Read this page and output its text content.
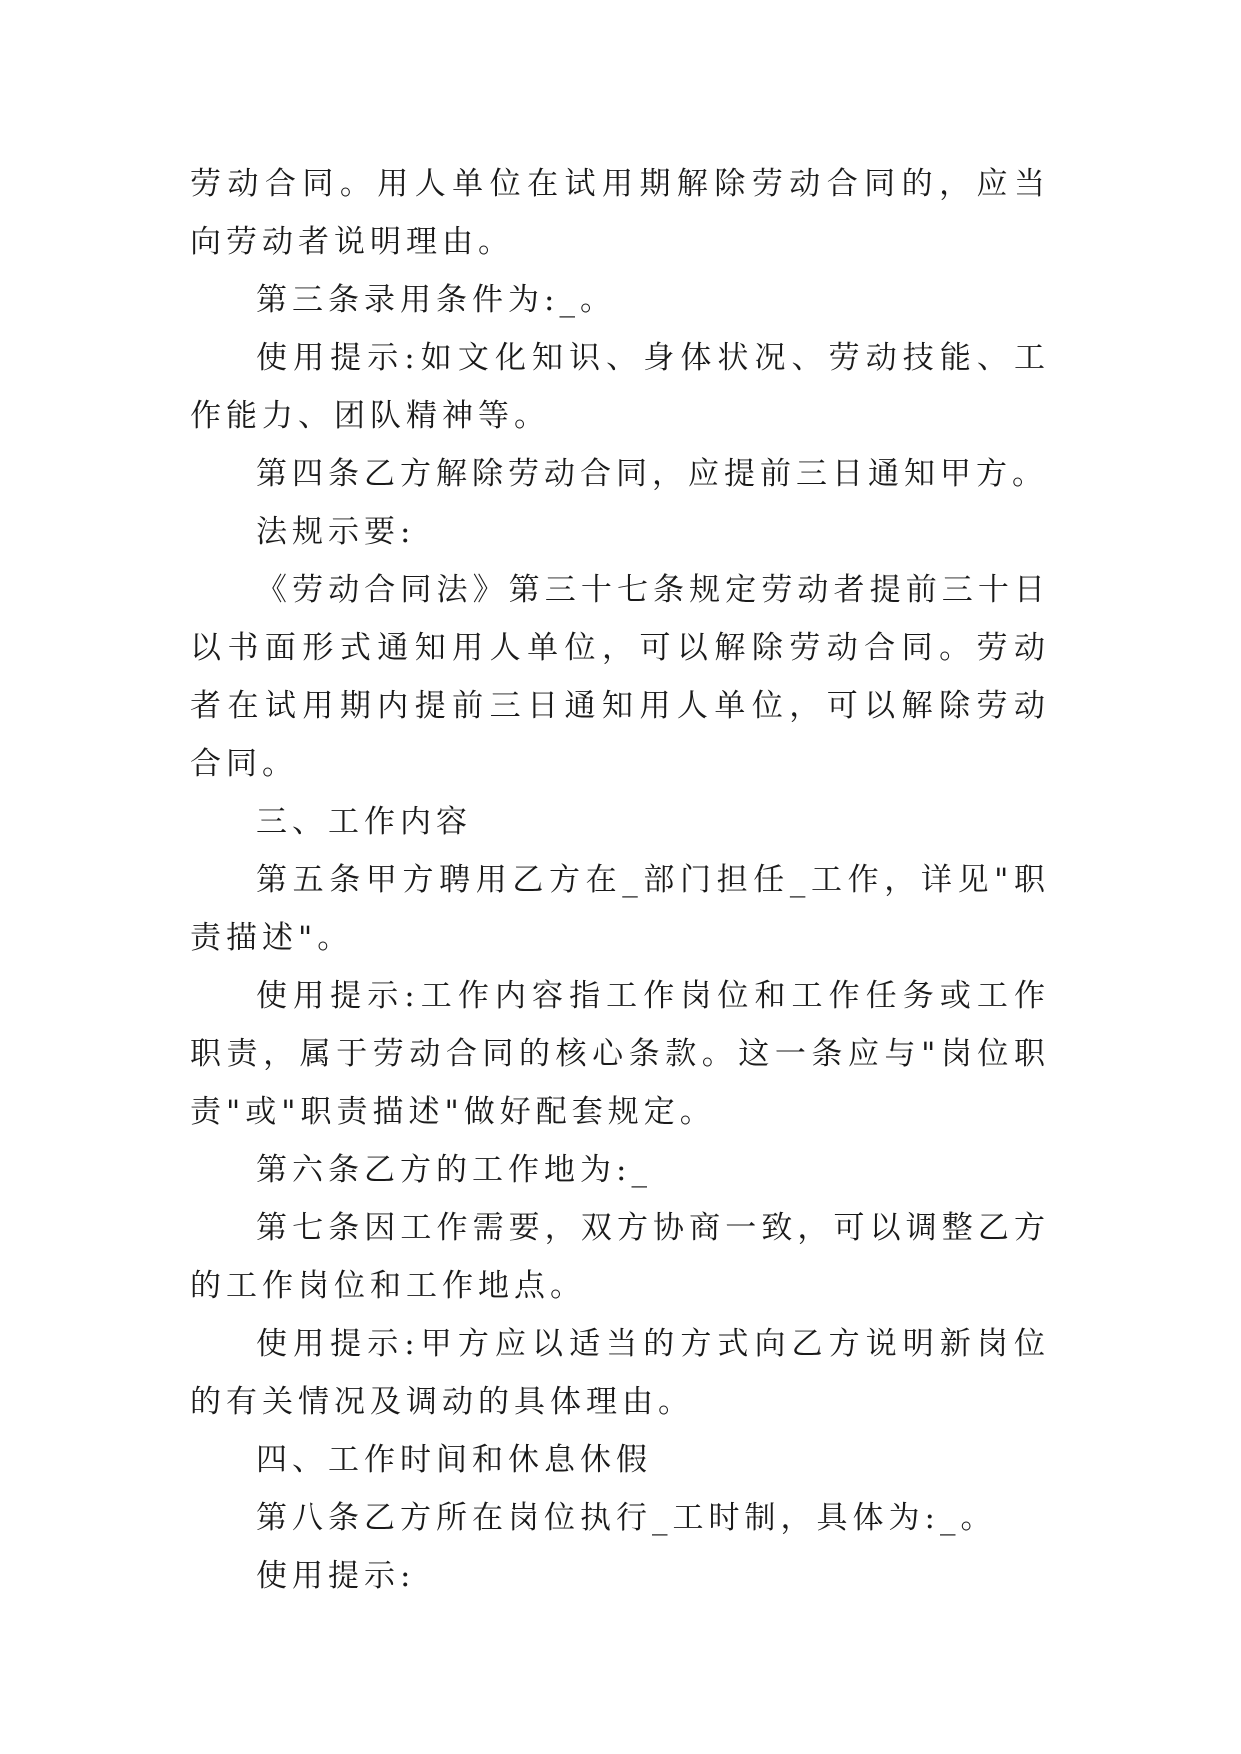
劳动合同。用人单位在试用期解除劳动合同的，应当向劳动者说明理由。

第三条录用条件为:_。

使用提示:如文化知识、身体状况、劳动技能、工作能力、团队精神等。

第四条乙方解除劳动合同，应提前三日通知甲方。

法规示要:

《劳动合同法》第三十七条规定劳动者提前三十日以书面形式通知用人单位，可以解除劳动合同。劳动者在试用期内提前三日通知用人单位，可以解除劳动合同。

三、工作内容

第五条甲方聘用乙方在_部门担任_工作，详见"职责描述"。

使用提示:工作内容指工作岗位和工作任务或工作职责，属于劳动合同的核心条款。这一条应与"岗位职责"或"职责描述"做好配套规定。

第六条乙方的工作地为:_

第七条因工作需要，双方协商一致，可以调整乙方的工作岗位和工作地点。

使用提示:甲方应以适当的方式向乙方说明新岗位的有关情况及调动的具体理由。

四、工作时间和休息休假

第八条乙方所在岗位执行_工时制，具体为:_。

使用提示:
